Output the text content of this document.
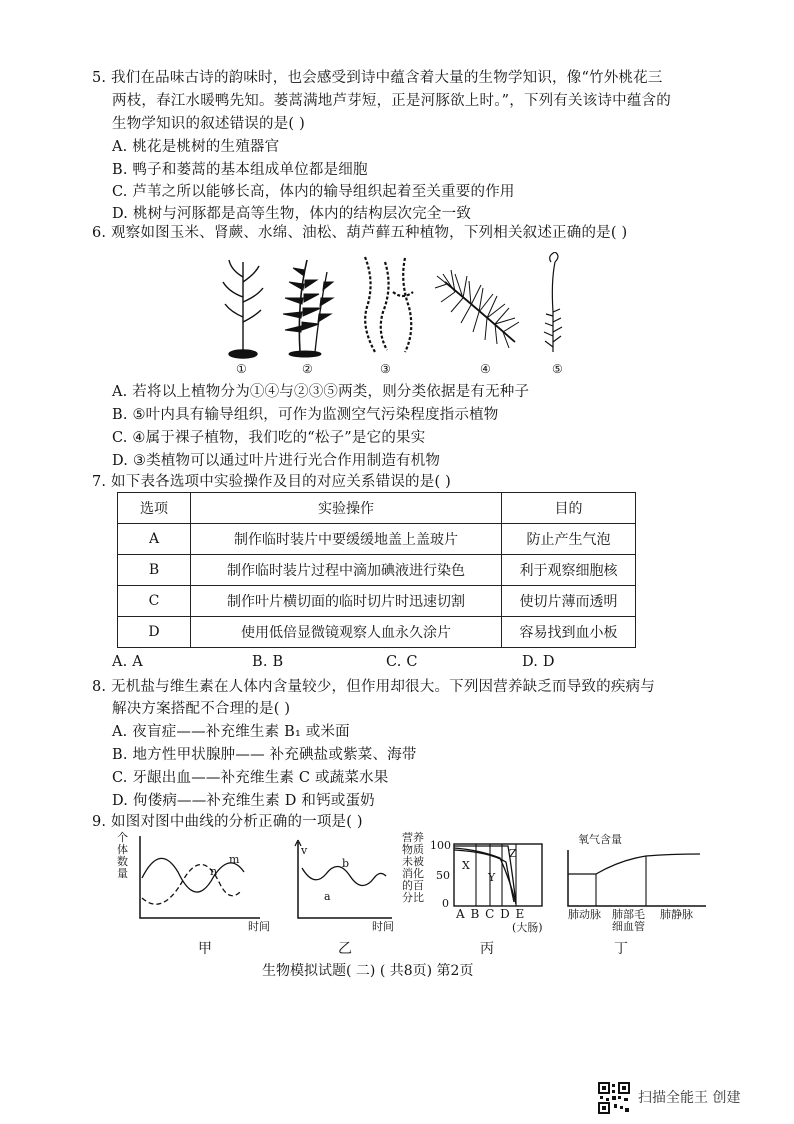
5. 我们在品味古诗的韵味时，也会感受到诗中蕴含着大量的生物学知识，像“竹外桃花三
两枝，春江水暖鸭先知。蒌蒿满地芦芽短，正是河豚欲上时。”，下列有关该诗中蕴含的
生物学知识的叙述错误的是( )
A. 桃花是桃树的生殖器官
B. 鸭子和蒌蒿的基本组成单位都是细胞
C. 芦苇之所以能够长高，体内的输导组织起着至关重要的作用
D. 桃树与河豚都是高等生物，体内的结构层次完全一致
6. 观察如图玉米、肾蕨、水绵、油松、葫芦藓五种植物，下列相关叙述正确的是( )
①	②	③	④	⑤
A. 若将以上植物分为①④与②③⑤两类，则分类依据是有无种子
B. ⑤叶内具有输导组织，可作为监测空气污染程度指示植物
C. ④属于裸子植物，我们吃的“松子”是它的果实
D. ③类植物可以通过叶片进行光合作用制造有机物
7. 如下表各选项中实验操作及目的对应关系错误的是( )
选项	实验操作	目的
A	制作临时装片中要缓缓地盖上盖玻片	防止产生气泡
B	制作临时装片过程中滴加碘液进行染色	利于观察细胞核
C	制作叶片横切面的临时切片时迅速切割	使切片薄而透明
D	使用低倍显微镜观察人血永久涂片	容易找到血小板
A. A	B. B	C. C	D. D
8. 无机盐与维生素在人体内含量较少，但作用却很大。下列因营养缺乏而导致的疾病与
解决方案搭配不合理的是( )
A. 夜盲症——补充维生素 B₁ 或米面
B. 地方性甲状腺肿—— 补充碘盐或紫菜、海带
C. 牙龈出血——补充维生素 C 或蔬菜水果
D. 佝偻病——补充维生素 D 和钙或蛋奶
9. 如图对图中曲线的分析正确的一项是( )
个
体
数
量
m
n
时间
甲
v
b
a
时间
乙
营养
物质
未被
消化
的百
分比
100
50
0
X
Y
Z
A B C D E
(大肠)
丙
氧气含量
肺动脉 肺部毛
细血管
肺静脉
丁
生物模拟试题( 二) ( 共8页) 第2页
扫描全能王 创建
